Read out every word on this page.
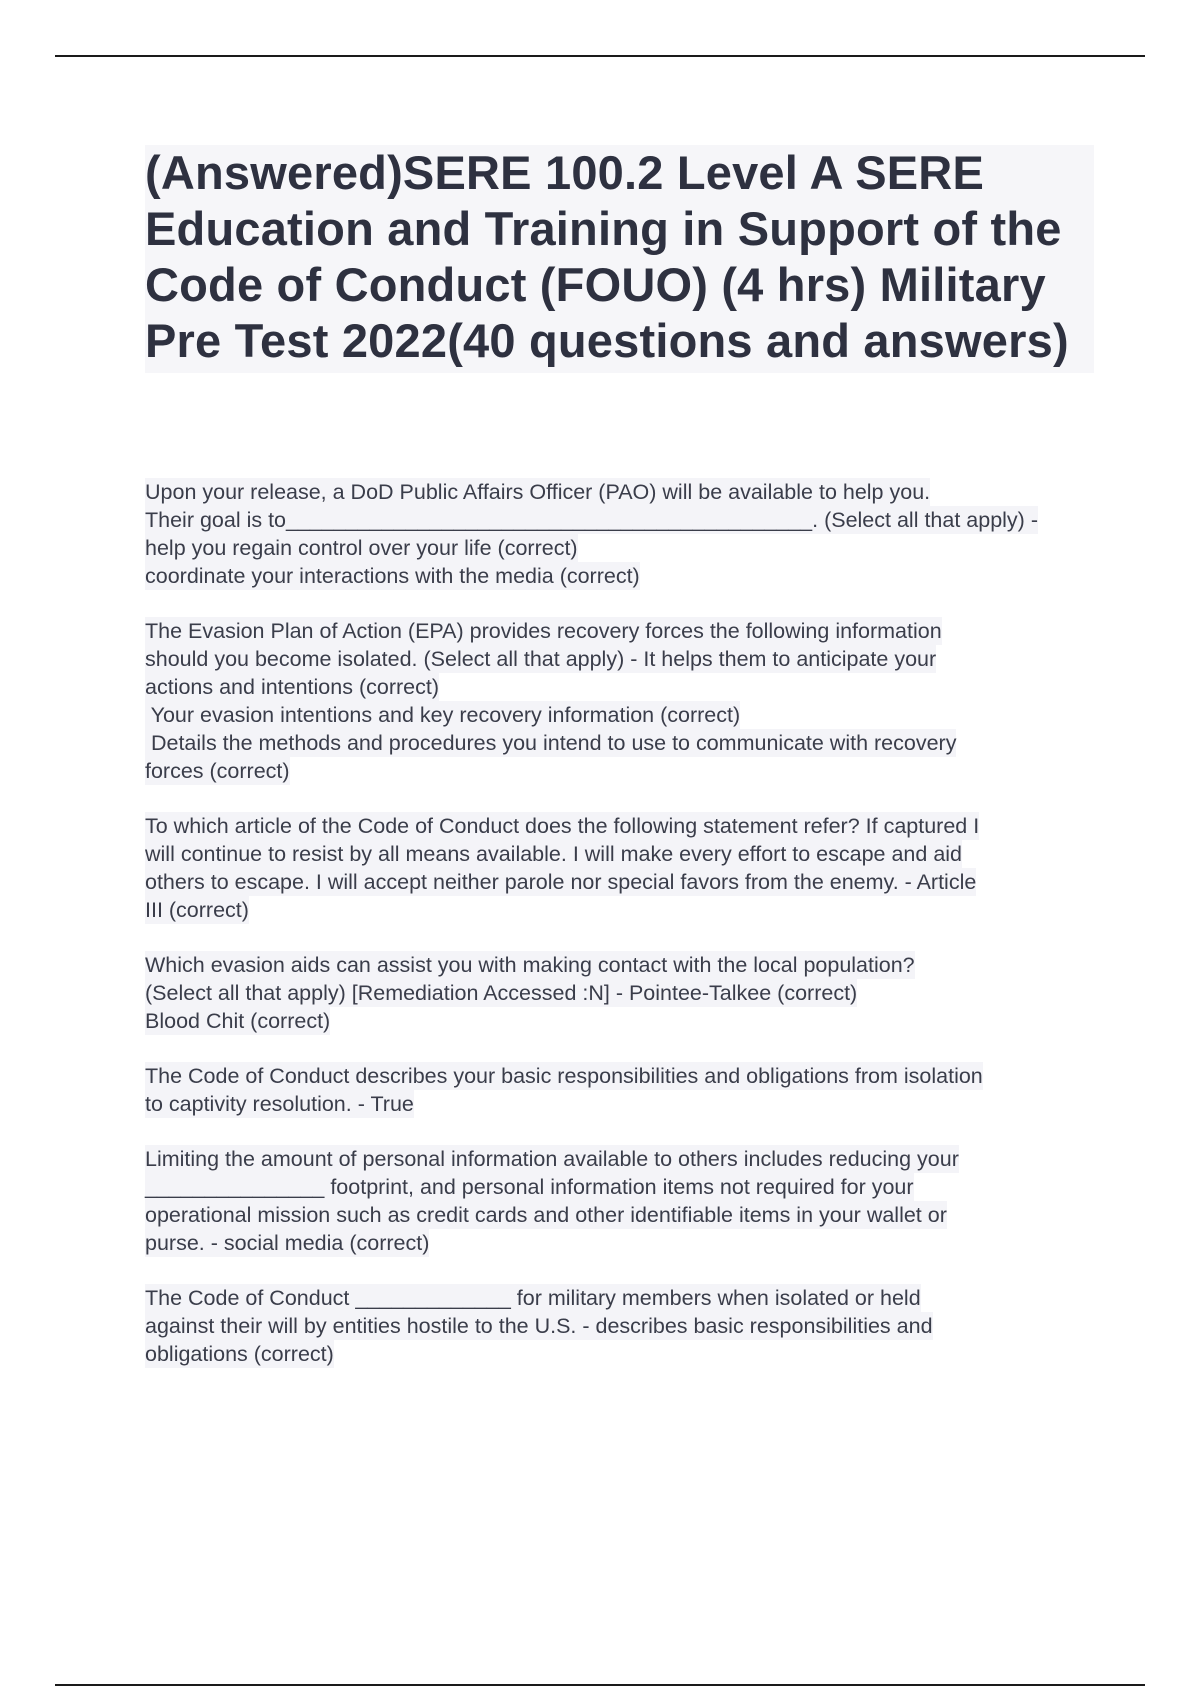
(Answered)SERE 100.2 Level A SERE
Education and Training in Support of the
Code of Conduct (FOUO) (4 hrs) Military
Pre Test 2022(40 questions and answers)
Upon your release, a DoD Public Affairs Officer (PAO) will be available to help you.
Their goal is to____________________________________________. (Select all that apply) -
help you regain control over your life (correct)
coordinate your interactions with the media (correct)
The Evasion Plan of Action (EPA) provides recovery forces the following information
should you become isolated. (Select all that apply) - It helps them to anticipate your
actions and intentions (correct)
Your evasion intentions and key recovery information (correct)
Details the methods and procedures you intend to use to communicate with recovery
forces (correct)
To which article of the Code of Conduct does the following statement refer? If captured I
will continue to resist by all means available. I will make every effort to escape and aid
others to escape. I will accept neither parole nor special favors from the enemy. - Article
III (correct)
Which evasion aids can assist you with making contact with the local population?
(Select all that apply) [Remediation Accessed :N] - Pointee-Talkee (correct)
Blood Chit (correct)
The Code of Conduct describes your basic responsibilities and obligations from isolation
to captivity resolution. - True
Limiting the amount of personal information available to others includes reducing your
_______________ footprint, and personal information items not required for your
operational mission such as credit cards and other identifiable items in your wallet or
purse. - social media (correct)
The Code of Conduct _____________ for military members when isolated or held
against their will by entities hostile to the U.S. - describes basic responsibilities and
obligations (correct)
